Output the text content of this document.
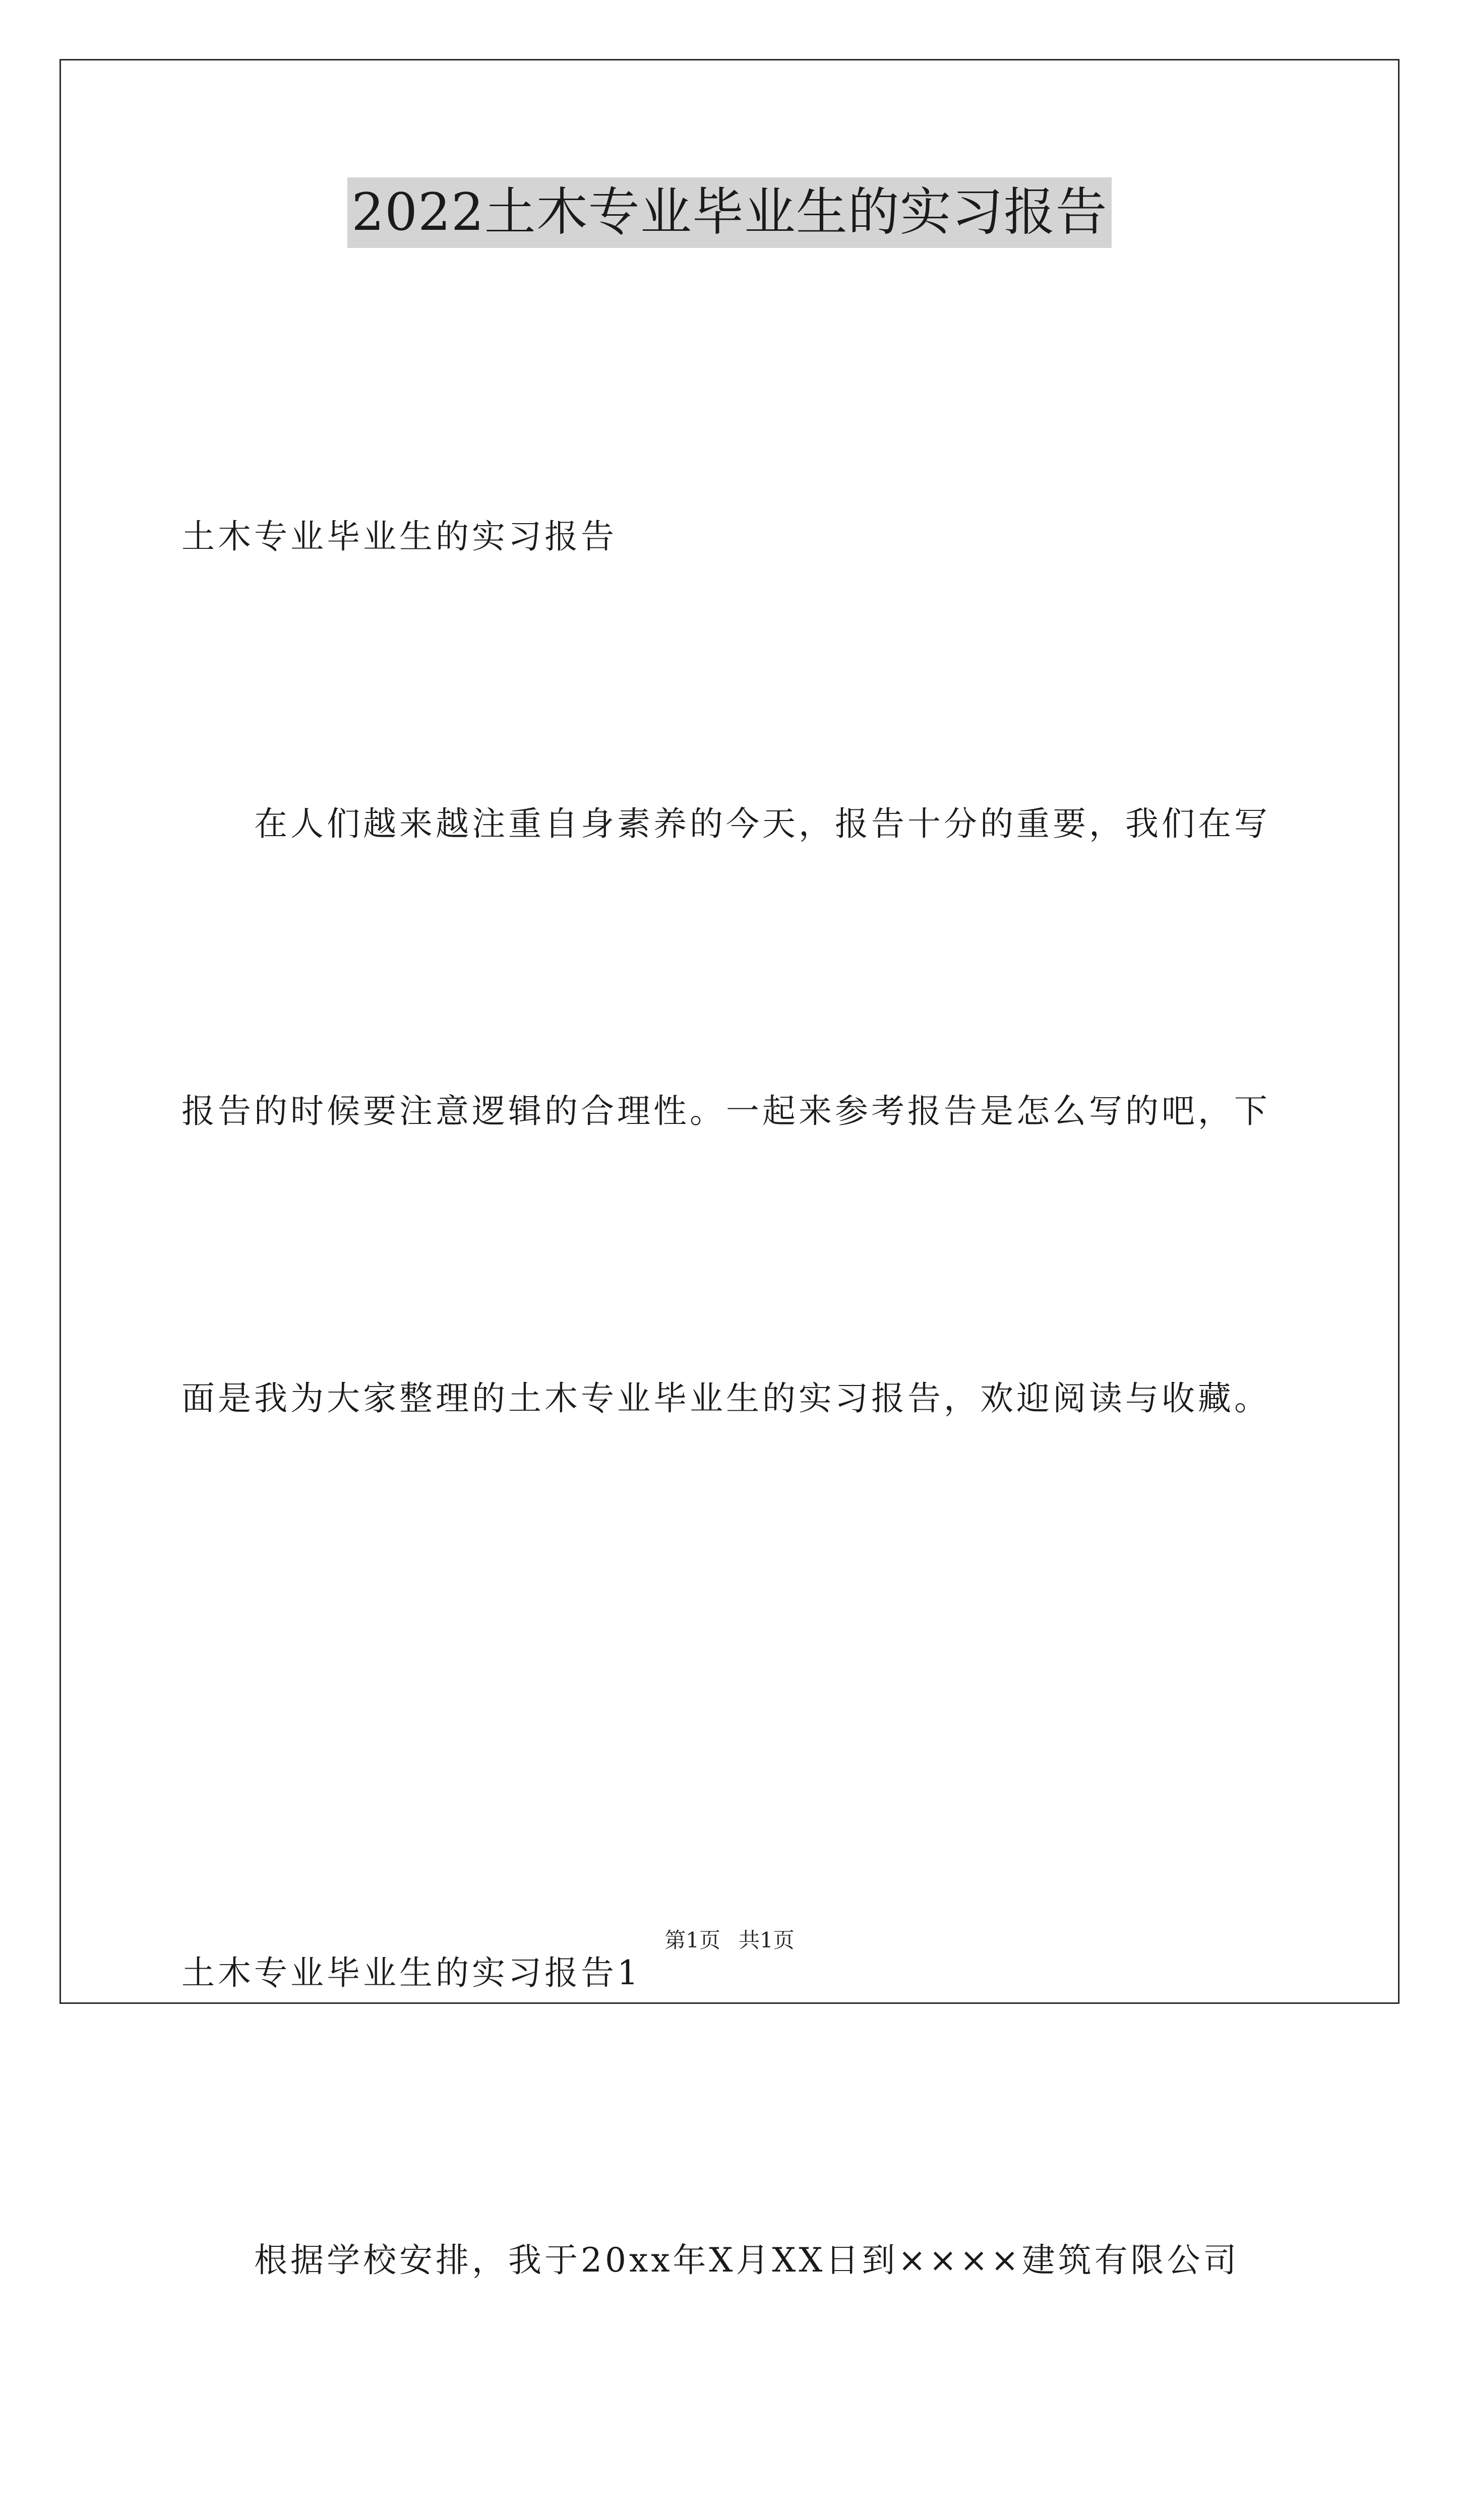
2022土木专业毕业生的实习报告

土木专业毕业生的实习报告

　　在人们越来越注重自身素养的今天，报告十分的重要，我们在写

报告的时候要注意逻辑的合理性。一起来参考报告是怎么写的吧，下

面是我为大家整理的土木专业毕业生的实习报告，欢迎阅读与收藏。

土木专业毕业生的实习报告1

　　根据学校安排，我于20xx年X月XX日到××××建筑有限公司

第1页 共1页
